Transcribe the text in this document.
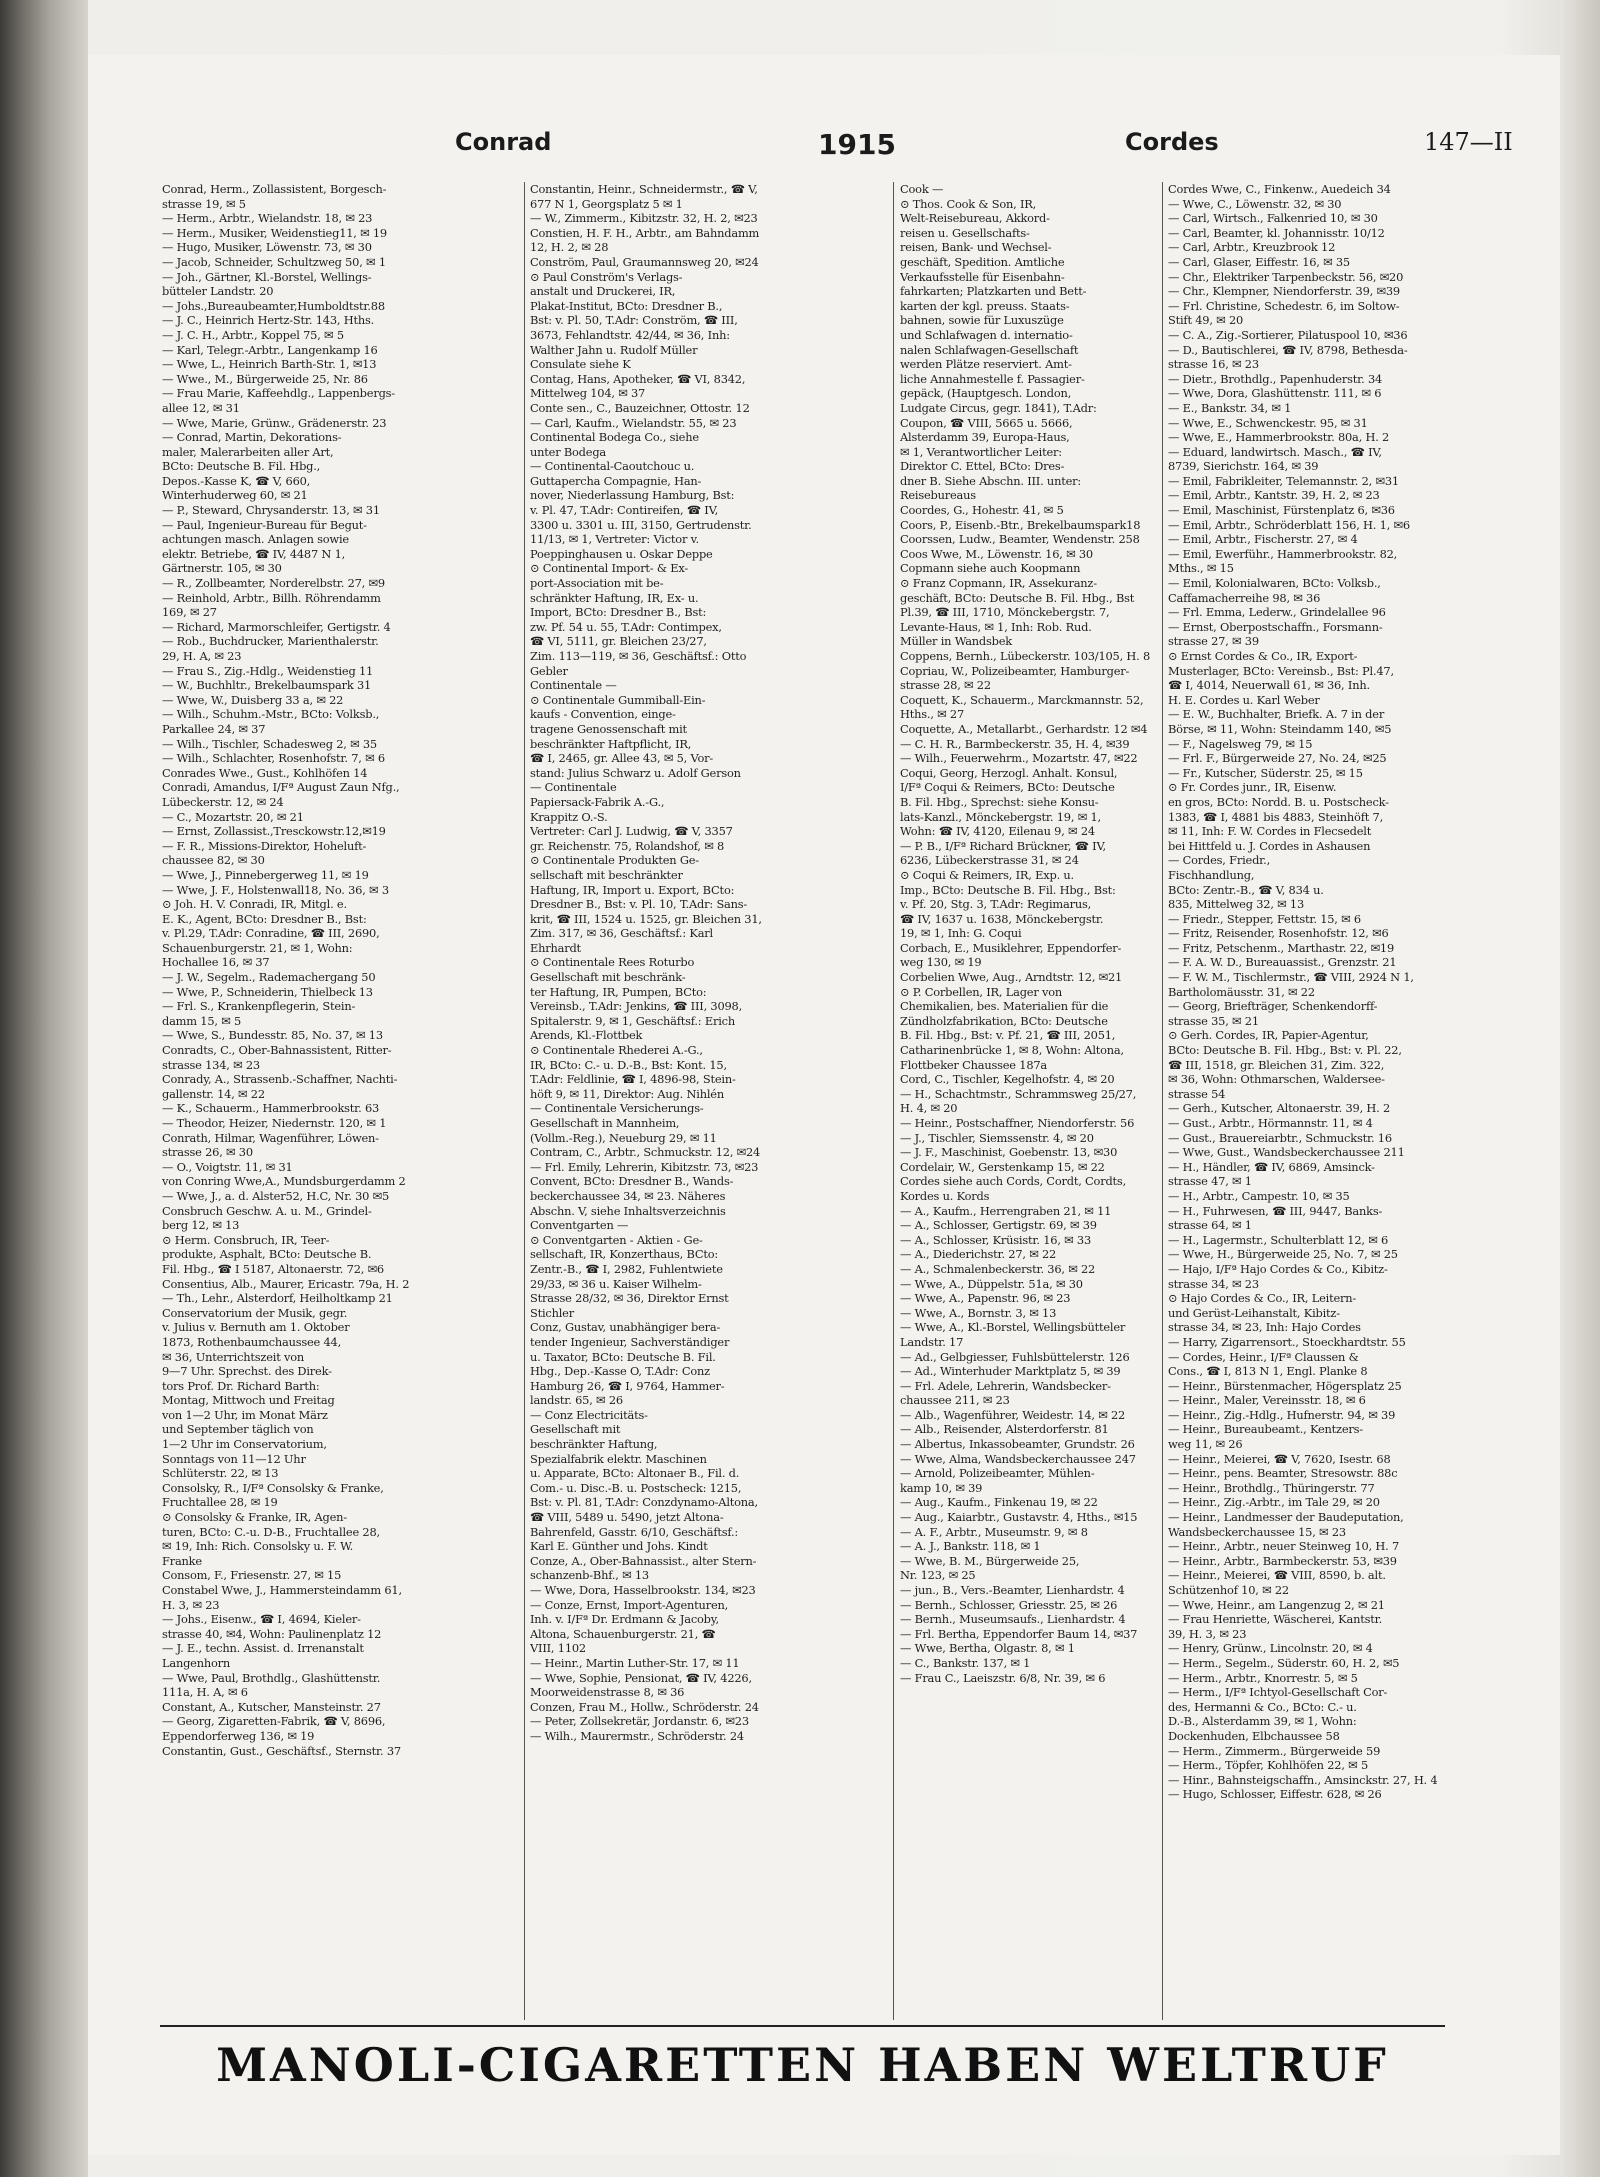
Conrad	1915	Cordes	147—II
Conrad, Herm., Zollassistent, Borgesch-
strasse 19, ✉ 5
— Herm., Arbtr., Wielandstr. 18, ✉ 23
— Herm., Musiker, Weidenstieg11, ✉ 19
— Hugo, Musiker, Löwenstr. 73, ✉ 30
— Jacob, Schneider, Schultzweg 50, ✉ 1
— Joh., Gärtner, Kl.-Borstel, Wellings-
bütteler Landstr. 20
— Johs.,Bureaubeamter,Humboldtstr.88
— J. C., Heinrich Hertz-Str. 143, Hths.
— J. C. H., Arbtr., Koppel 75, ✉ 5
— Karl, Telegr.-Arbtr., Langenkamp 16
— Wwe, L., Heinrich Barth-Str. 1, ✉13
— Wwe., M., Bürgerweide 25, Nr. 86
— Frau Marie, Kaffeehdlg., Lappenbergs-
allee 12, ✉ 31
— Wwe, Marie, Grünw., Grädenerstr. 23
— Conrad, Martin, Dekorations-
maler, Malerarbeiten aller Art,
BCto: Deutsche B. Fil. Hbg.,
Depos.-Kasse K, ☎ V, 660,
Winterhuderweg 60, ✉ 21
— P., Steward, Chrysanderstr. 13, ✉ 31
— Paul, Ingenieur-Bureau für Begut-
achtungen masch. Anlagen sowie
elektr. Betriebe, ☎ IV, 4487 N 1,
Gärtnerstr. 105, ✉ 30
— R., Zollbeamter, Norderelbstr. 27, ✉9
— Reinhold, Arbtr., Billh. Röhrendamm
169, ✉ 27
— Richard, Marmorschleifer, Gertigstr. 4
— Rob., Buchdrucker, Marienthalerstr.
29, H. A, ✉ 23
— Frau S., Zig.-Hdlg., Weidenstieg 11
— W., Buchhltr., Brekelbaumspark 31
— Wwe, W., Duisberg 33 a, ✉ 22
— Wilh., Schuhm.-Mstr., BCto: Volksb.,
Parkallee 24, ✉ 37
— Wilh., Tischler, Schadesweg 2, ✉ 35
— Wilh., Schlachter, Rosenhofstr. 7, ✉ 6
Conrades Wwe., Gust., Kohlhöfen 14
Conradi, Amandus, I/Fª August Zaun Nfg.,
Lübeckerstr. 12, ✉ 24
— C., Mozartstr. 20, ✉ 21
— Ernst, Zollassist.,Tresckowstr.12,✉19
— F. R., Missions-Direktor, Hoheluft-
chaussee 82, ✉ 30
— Wwe, J., Pinnebergerweg 11, ✉ 19
— Wwe, J. F., Holstenwall18, No. 36, ✉ 3
⊙ Joh. H. V. Conradi, IR, Mitgl. e.
E. K., Agent, BCto: Dresdner B., Bst:
v. Pl.29, T.Adr: Conradine, ☎ III, 2690,
Schauenburgerstr. 21, ✉ 1, Wohn:
Hochallee 16, ✉ 37
— J. W., Segelm., Rademachergang 50
— Wwe, P., Schneiderin, Thielbeck 13
— Frl. S., Krankenpflegerin, Stein-
damm 15, ✉ 5
— Wwe, S., Bundesstr. 85, No. 37, ✉ 13
Conradts, C., Ober-Bahnassistent, Ritter-
strasse 134, ✉ 23
Conrady, A., Strassenb.-Schaffner, Nachti-
gallenstr. 14, ✉ 22
— K., Schauerm., Hammerbrookstr. 63
— Theodor, Heizer, Niedernstr. 120, ✉ 1
Conrath, Hilmar, Wagenführer, Löwen-
strasse 26, ✉ 30
— O., Voigtstr. 11, ✉ 31
von Conring Wwe,A., Mundsburgerdamm 2
— Wwe, J., a. d. Alster52, H.C, Nr. 30 ✉5
Consbruch Geschw. A. u. M., Grindel-
berg 12, ✉ 13
⊙ Herm. Consbruch, IR, Teer-
produkte, Asphalt, BCto: Deutsche B.
Fil. Hbg., ☎ I 5187, Altonaerstr. 72, ✉6
Consentius, Alb., Maurer, Ericastr. 79a, H. 2
— Th., Lehr., Alsterdorf, Heilholtkamp 21
Conservatorium der Musik, gegr.
v. Julius v. Bernuth am 1. Oktober
1873, Rothenbaumchaussee 44,
✉ 36, Unterrichtszeit von
9—7 Uhr. Sprechst. des Direk-
tors Prof. Dr. Richard Barth:
Montag, Mittwoch und Freitag
von 1—2 Uhr, im Monat März
und September täglich von
1—2 Uhr im Conservatorium,
Sonntags von 11—12 Uhr
Schlüterstr. 22, ✉ 13
Consolsky, R., I/Fª Consolsky & Franke,
Fruchtallee 28, ✉ 19
⊙ Consolsky & Franke, IR, Agen-
turen, BCto: C.-u. D-B., Fruchtallee 28,
✉ 19, Inh: Rich. Consolsky u. F. W.
Franke
Consom, F., Friesenstr. 27, ✉ 15
Constabel Wwe, J., Hammersteindamm 61,
H. 3, ✉ 23
— Johs., Eisenw., ☎ I, 4694, Kieler-
strasse 40, ✉4, Wohn: Paulinenplatz 12
— J. E., techn. Assist. d. Irrenanstalt
Langenhorn
— Wwe, Paul, Brothdlg., Glashüttenstr.
111a, H. A, ✉ 6
Constant, A., Kutscher, Mansteinstr. 27
— Georg, Zigaretten-Fabrik, ☎ V, 8696,
Eppendorferweg 136, ✉ 19
Constantin, Gust., Geschäftsf., Sternstr. 37
Constantin, Heinr., Schneidermstr., ☎ V,
677 N 1, Georgsplatz 5 ✉ 1
— W., Zimmerm., Kibitzstr. 32, H. 2, ✉23
Constien, H. F. H., Arbtr., am Bahndamm
12, H. 2, ✉ 28
Conström, Paul, Graumannsweg 20, ✉24
⊙ Paul Conström's Verlags-
anstalt und Druckerei, IR,
Plakat-Institut, BCto: Dresdner B.,
Bst: v. Pl. 50, T.Adr: Conström, ☎ III,
3673, Fehlandtstr. 42/44, ✉ 36, Inh:
Walther Jahn u. Rudolf Müller
Consulate siehe K
Contag, Hans, Apotheker, ☎ VI, 8342,
Mittelweg 104, ✉ 37
Conte sen., C., Bauzeichner, Ottostr. 12
— Carl, Kaufm., Wielandstr. 55, ✉ 23
Continental Bodega Co., siehe
unter Bodega
— Continental-Caoutchouc u.
Guttapercha Compagnie, Han-
nover, Niederlassung Hamburg, Bst:
v. Pl. 47, T.Adr: Contireifen, ☎ IV,
3300 u. 3301 u. III, 3150, Gertrudenstr.
11/13, ✉ 1, Vertreter: Victor v.
Poeppinghausen u. Oskar Deppe
⊙ Continental Import- & Ex-
port-Association mit be-
schränkter Haftung, IR, Ex- u.
Import, BCto: Dresdner B., Bst:
zw. Pf. 54 u. 55, T.Adr: Contimpex,
☎ VI, 5111, gr. Bleichen 23/27,
Zim. 113—119, ✉ 36, Geschäftsf.: Otto
Gebler
Continentale —
⊙ Continentale Gummiball-Ein-
kaufs - Convention, einge-
tragene Genossenschaft mit
beschränkter Haftpflicht, IR,
☎ I, 2465, gr. Allee 43, ✉ 5, Vor-
stand: Julius Schwarz u. Adolf Gerson
— Continentale
Papiersack-Fabrik A.-G.,
Krappitz O.-S.
Vertreter: Carl J. Ludwig, ☎ V, 3357
gr. Reichenstr. 75, Rolandshof, ✉ 8
⊙ Continentale Produkten Ge-
sellschaft mit beschränkter
Haftung, IR, Import u. Export, BCto:
Dresdner B., Bst: v. Pl. 10, T.Adr: Sans-
krit, ☎ III, 1524 u. 1525, gr. Bleichen 31,
Zim. 317, ✉ 36, Geschäftsf.: Karl
Ehrhardt
⊙ Continentale Rees Roturbo
Gesellschaft mit beschränk-
ter Haftung, IR, Pumpen, BCto:
Vereinsb., T.Adr: Jenkins, ☎ III, 3098,
Spitalerstr. 9, ✉ 1, Geschäftsf.: Erich
Arends, Kl.-Flottbek
⊙ Continentale Rhederei A.-G.,
IR, BCto: C.- u. D.-B., Bst: Kont. 15,
T.Adr: Feldlinie, ☎ I, 4896-98, Stein-
höft 9, ✉ 11, Direktor: Aug. Nihlén
— Continentale Versicherungs-
Gesellschaft in Mannheim,
(Vollm.-Reg.), Neueburg 29, ✉ 11
Contram, C., Arbtr., Schmuckstr. 12, ✉24
— Frl. Emily, Lehrerin, Kibitzstr. 73, ✉23
Convent, BCto: Dresdner B., Wands-
beckerchaussee 34, ✉ 23. Näheres
Abschn. V, siehe Inhaltsverzeichnis
Conventgarten —
⊙ Conventgarten - Aktien - Ge-
sellschaft, IR, Konzerthaus, BCto:
Zentr.-B., ☎ I, 2982, Fuhlentwiete
29/33, ✉ 36 u. Kaiser Wilhelm-
Strasse 28/32, ✉ 36, Direktor Ernst
Stichler
Conz, Gustav, unabhängiger bera-
tender Ingenieur, Sachverständiger
u. Taxator, BCto: Deutsche B. Fil.
Hbg., Dep.-Kasse O, T.Adr: Conz
Hamburg 26, ☎ I, 9764, Hammer-
landstr. 65, ✉ 26
— Conz Electricitäts-
Gesellschaft mit
beschränkter Haftung,
Spezialfabrik elektr. Maschinen
u. Apparate, BCto: Altonaer B., Fil. d.
Com.- u. Disc.-B. u. Postscheck: 1215,
Bst: v. Pl. 81, T.Adr: Conzdynamo-Altona,
☎ VIII, 5489 u. 5490, jetzt Altona-
Bahrenfeld, Gasstr. 6/10, Geschäftsf.:
Karl E. Günther und Johs. Kindt
Conze, A., Ober-Bahnassist., alter Stern-
schanzenb-Bhf., ✉ 13
— Wwe, Dora, Hasselbrookstr. 134, ✉23
— Conze, Ernst, Import-Agenturen,
Inh. v. I/Fª Dr. Erdmann & Jacoby,
Altona, Schauenburgerstr. 21, ☎
VIII, 1102
— Heinr., Martin Luther-Str. 17, ✉ 11
— Wwe, Sophie, Pensionat, ☎ IV, 4226,
Moorweidenstrasse 8, ✉ 36
Conzen, Frau M., Hollw., Schröderstr. 24
— Peter, Zollsekretär, Jordanstr. 6, ✉23
— Wilh., Maurermstr., Schröderstr. 24
Cook —
⊙ Thos. Cook & Son, IR,
Welt-Reisebureau, Akkord-
reisen u. Gesellschafts-
reisen, Bank- und Wechsel-
geschäft, Spedition. Amtliche
Verkaufsstelle für Eisenbahn-
fahrkarten; Platzkarten und Bett-
karten der kgl. preuss. Staats-
bahnen, sowie für Luxuszüge
und Schlafwagen d. internatio-
nalen Schlafwagen-Gesellschaft
werden Plätze reserviert. Amt-
liche Annahmestelle f. Passagier-
gepäck, (Hauptgesch. London,
Ludgate Circus, gegr. 1841), T.Adr:
Coupon, ☎ VIII, 5665 u. 5666,
Alsterdamm 39, Europa-Haus,
✉ 1, Verantwortlicher Leiter:
Direktor C. Ettel, BCto: Dres-
dner B. Siehe Abschn. III. unter:
Reisebureaus
Coordes, G., Hohestr. 41, ✉ 5
Coors, P., Eisenb.-Btr., Brekelbaumspark18
Coorssen, Ludw., Beamter, Wendenstr. 258
Coos Wwe, M., Löwenstr. 16, ✉ 30
Copmann siehe auch Koopmann
⊙ Franz Copmann, IR, Assekuranz-
geschäft, BCto: Deutsche B. Fil. Hbg., Bst
Pl.39, ☎ III, 1710, Mönckebergstr. 7,
Levante-Haus, ✉ 1, Inh: Rob. Rud.
Müller in Wandsbek
Coppens, Bernh., Lübeckerstr. 103/105, H. 8
Copriau, W., Polizeibeamter, Hamburger-
strasse 28, ✉ 22
Coquett, K., Schauerm., Marckmannstr. 52,
Hths., ✉ 27
Coquette, A., Metallarbt., Gerhardstr. 12 ✉4
— C. H. R., Barmbeckerstr. 35, H. 4, ✉39
— Wilh., Feuerwehrm., Mozartstr. 47, ✉22
Coqui, Georg, Herzogl. Anhalt. Konsul,
I/Fª Coqui & Reimers, BCto: Deutsche
B. Fil. Hbg., Sprechst: siehe Konsu-
lats-Kanzl., Mönckebergstr. 19, ✉ 1,
Wohn: ☎ IV, 4120, Eilenau 9, ✉ 24
— P. B., I/Fª Richard Brückner, ☎ IV,
6236, Lübeckerstrasse 31, ✉ 24
⊙ Coqui & Reimers, IR, Exp. u.
Imp., BCto: Deutsche B. Fil. Hbg., Bst:
v. Pf. 20, Stg. 3, T.Adr: Regimarus,
☎ IV, 1637 u. 1638, Mönckebergstr.
19, ✉ 1, Inh: G. Coqui
Corbach, E., Musiklehrer, Eppendorfer-
weg 130, ✉ 19
Corbelien Wwe, Aug., Arndtstr. 12, ✉21
⊙ P. Corbellen, IR, Lager von
Chemikalien, bes. Materialien für die
Zündholzfabrikation, BCto: Deutsche
B. Fil. Hbg., Bst: v. Pf. 21, ☎ III, 2051,
Catharinenbrücke 1, ✉ 8, Wohn: Altona,
Flottbeker Chaussee 187a
Cord, C., Tischler, Kegelhofstr. 4, ✉ 20
— H., Schachtmstr., Schrammsweg 25/27,
H. 4, ✉ 20
— Heinr., Postschaffner, Niendorferstr. 56
— J., Tischler, Siemssenstr. 4, ✉ 20
— J. F., Maschinist, Goebenstr. 13, ✉30
Cordelair, W., Gerstenkamp 15, ✉ 22
Cordes siehe auch Cords, Cordt, Cordts,
Kordes u. Kords
— A., Kaufm., Herrengraben 21, ✉ 11
— A., Schlosser, Gertigstr. 69, ✉ 39
— A., Schlosser, Krüsistr. 16, ✉ 33
— A., Diederichstr. 27, ✉ 22
— A., Schmalenbeckerstr. 36, ✉ 22
— Wwe, A., Düppelstr. 51a, ✉ 30
— Wwe, A., Papenstr. 96, ✉ 23
— Wwe, A., Bornstr. 3, ✉ 13
— Wwe, A., Kl.-Borstel, Wellingsbütteler
Landstr. 17
— Ad., Gelbgiesser, Fuhlsbüttelerstr. 126
— Ad., Winterhuder Marktplatz 5, ✉ 39
— Frl. Adele, Lehrerin, Wandsbecker-
chaussee 211, ✉ 23
— Alb., Wagenführer, Weidestr. 14, ✉ 22
— Alb., Reisender, Alsterdorferstr. 81
— Albertus, Inkassobeamter, Grundstr. 26
— Wwe, Alma, Wandsbeckerchaussee 247
— Arnold, Polizeibeamter, Mühlen-
kamp 10, ✉ 39
— Aug., Kaufm., Finkenau 19, ✉ 22
— Aug., Kaiarbtr., Gustavstr. 4, Hths., ✉15
— A. F., Arbtr., Museumstr. 9, ✉ 8
— A. J., Bankstr. 118, ✉ 1
— Wwe, B. M., Bürgerweide 25,
Nr. 123, ✉ 25
— jun., B., Vers.-Beamter, Lienhardstr. 4
— Bernh., Schlosser, Griesstr. 25, ✉ 26
— Bernh., Museumsaufs., Lienhardstr. 4
— Frl. Bertha, Eppendorfer Baum 14, ✉37
— Wwe, Bertha, Olgastr. 8, ✉ 1
— C., Bankstr. 137, ✉ 1
— Frau C., Laeiszstr. 6/8, Nr. 39, ✉ 6
Cordes Wwe, C., Finkenw., Auedeich 34
— Wwe, C., Löwenstr. 32, ✉ 30
— Carl, Wirtsch., Falkenried 10, ✉ 30
— Carl, Beamter, kl. Johannisstr. 10/12
— Carl, Arbtr., Kreuzbrook 12
— Carl, Glaser, Eiffestr. 16, ✉ 35
— Chr., Elektriker Tarpenbeckstr. 56, ✉20
— Chr., Klempner, Niendorferstr. 39, ✉39
— Frl. Christine, Schedestr. 6, im Soltow-
Stift 49, ✉ 20
— C. A., Zig.-Sortierer, Pilatuspool 10, ✉36
— D., Bautischlerei, ☎ IV, 8798, Bethesda-
strasse 16, ✉ 23
— Dietr., Brothdlg., Papenhuderstr. 34
— Wwe, Dora, Glashüttenstr. 111, ✉ 6
— E., Bankstr. 34, ✉ 1
— Wwe, E., Schwenckestr. 95, ✉ 31
— Wwe, E., Hammerbrookstr. 80a, H. 2
— Eduard, landwirtsch. Masch., ☎ IV,
8739, Sierichstr. 164, ✉ 39
— Emil, Fabrikleiter, Telemannstr. 2, ✉31
— Emil, Arbtr., Kantstr. 39, H. 2, ✉ 23
— Emil, Maschinist, Fürstenplatz 6, ✉36
— Emil, Arbtr., Schröderblatt 156, H. 1, ✉6
— Emil, Arbtr., Fischerstr. 27, ✉ 4
— Emil, Ewerführ., Hammerbrookstr. 82,
Mths., ✉ 15
— Emil, Kolonialwaren, BCto: Volksb.,
Caffamacherreihe 98, ✉ 36
— Frl. Emma, Lederw., Grindelallee 96
— Ernst, Oberpostschaffn., Forsmann-
strasse 27, ✉ 39
⊙ Ernst Cordes & Co., IR, Export-
Musterlager, BCto: Vereinsb., Bst: Pl.47,
☎ I, 4014, Neuerwall 61, ✉ 36, Inh.
H. E. Cordes u. Karl Weber
— E. W., Buchhalter, Briefk. A. 7 in der
Börse, ✉ 11, Wohn: Steindamm 140, ✉5
— F., Nagelsweg 79, ✉ 15
— Frl. F., Bürgerweide 27, No. 24, ✉25
— Fr., Kutscher, Süderstr. 25, ✉ 15
⊙ Fr. Cordes junr., IR, Eisenw.
en gros, BCto: Nordd. B. u. Postscheck-
1383, ☎ I, 4881 bis 4883, Steinhöft 7,
✉ 11, Inh: F. W. Cordes in Flecsedelt
bei Hittfeld u. J. Cordes in Ashausen
— Cordes, Friedr.,
Fischhandlung,
BCto: Zentr.-B., ☎ V, 834 u.
835, Mittelweg 32, ✉ 13
— Friedr., Stepper, Fettstr. 15, ✉ 6
— Fritz, Reisender, Rosenhofstr. 12, ✉6
— Fritz, Petschenm., Marthastr. 22, ✉19
— F. A. W. D., Bureauassist., Grenzstr. 21
— F. W. M., Tischlermstr., ☎ VIII, 2924 N 1,
Bartholomäusstr. 31, ✉ 22
— Georg, Briefträger, Schenkendorff-
strasse 35, ✉ 21
⊙ Gerh. Cordes, IR, Papier-Agentur,
BCto: Deutsche B. Fil. Hbg., Bst: v. Pl. 22,
☎ III, 1518, gr. Bleichen 31, Zim. 322,
✉ 36, Wohn: Othmarschen, Waldersee-
strasse 54
— Gerh., Kutscher, Altonaerstr. 39, H. 2
— Gust., Arbtr., Hörmannstr. 11, ✉ 4
— Gust., Brauereiarbtr., Schmuckstr. 16
— Wwe, Gust., Wandsbeckerchaussee 211
— H., Händler, ☎ IV, 6869, Amsinck-
strasse 47, ✉ 1
— H., Arbtr., Campestr. 10, ✉ 35
— H., Fuhrwesen, ☎ III, 9447, Banks-
strasse 64, ✉ 1
— H., Lagermstr., Schulterblatt 12, ✉ 6
— Wwe, H., Bürgerweide 25, No. 7, ✉ 25
— Hajo, I/Fª Hajo Cordes & Co., Kibitz-
strasse 34, ✉ 23
⊙ Hajo Cordes & Co., IR, Leitern-
und Gerüst-Leihanstalt, Kibitz-
strasse 34, ✉ 23, Inh: Hajo Cordes
— Harry, Zigarrensort., Stoeckhardtstr. 55
— Cordes, Heinr., I/Fª Claussen &
Cons., ☎ I, 813 N 1, Engl. Planke 8
— Heinr., Bürstenmacher, Högersplatz 25
— Heinr., Maler, Vereinsstr. 18, ✉ 6
— Heinr., Zig.-Hdlg., Hufnerstr. 94, ✉ 39
— Heinr., Bureaubeamt., Kentzers-
weg 11, ✉ 26
— Heinr., Meierei, ☎ V, 7620, Isestr. 68
— Heinr., pens. Beamter, Stresowstr. 88c
— Heinr., Brothdlg., Thüringerstr. 77
— Heinr., Zig.-Arbtr., im Tale 29, ✉ 20
— Heinr., Landmesser der Baudeputation,
Wandsbeckerchaussee 15, ✉ 23
— Heinr., Arbtr., neuer Steinweg 10, H. 7
— Heinr., Arbtr., Barmbeckerstr. 53, ✉39
— Heinr., Meierei, ☎ VIII, 8590, b. alt.
Schützenhof 10, ✉ 22
— Wwe, Heinr., am Langenzug 2, ✉ 21
— Frau Henriette, Wäscherei, Kantstr.
39, H. 3, ✉ 23
— Henry, Grünw., Lincolnstr. 20, ✉ 4
— Herm., Segelm., Süderstr. 60, H. 2, ✉5
— Herm., Arbtr., Knorrestr. 5, ✉ 5
— Herm., I/Fª Ichtyol-Gesellschaft Cor-
des, Hermanni & Co., BCto: C.- u.
D.-B., Alsterdamm 39, ✉ 1, Wohn:
Dockenhuden, Elbchaussee 58
— Herm., Zimmerm., Bürgerweide 59
— Herm., Töpfer, Kohlhöfen 22, ✉ 5
— Hinr., Bahnsteigschaffn., Amsinckstr. 27, H. 4
— Hugo, Schlosser, Eiffestr. 628, ✉ 26
MANOLI-CIGARETTEN HABEN WELTRUF
